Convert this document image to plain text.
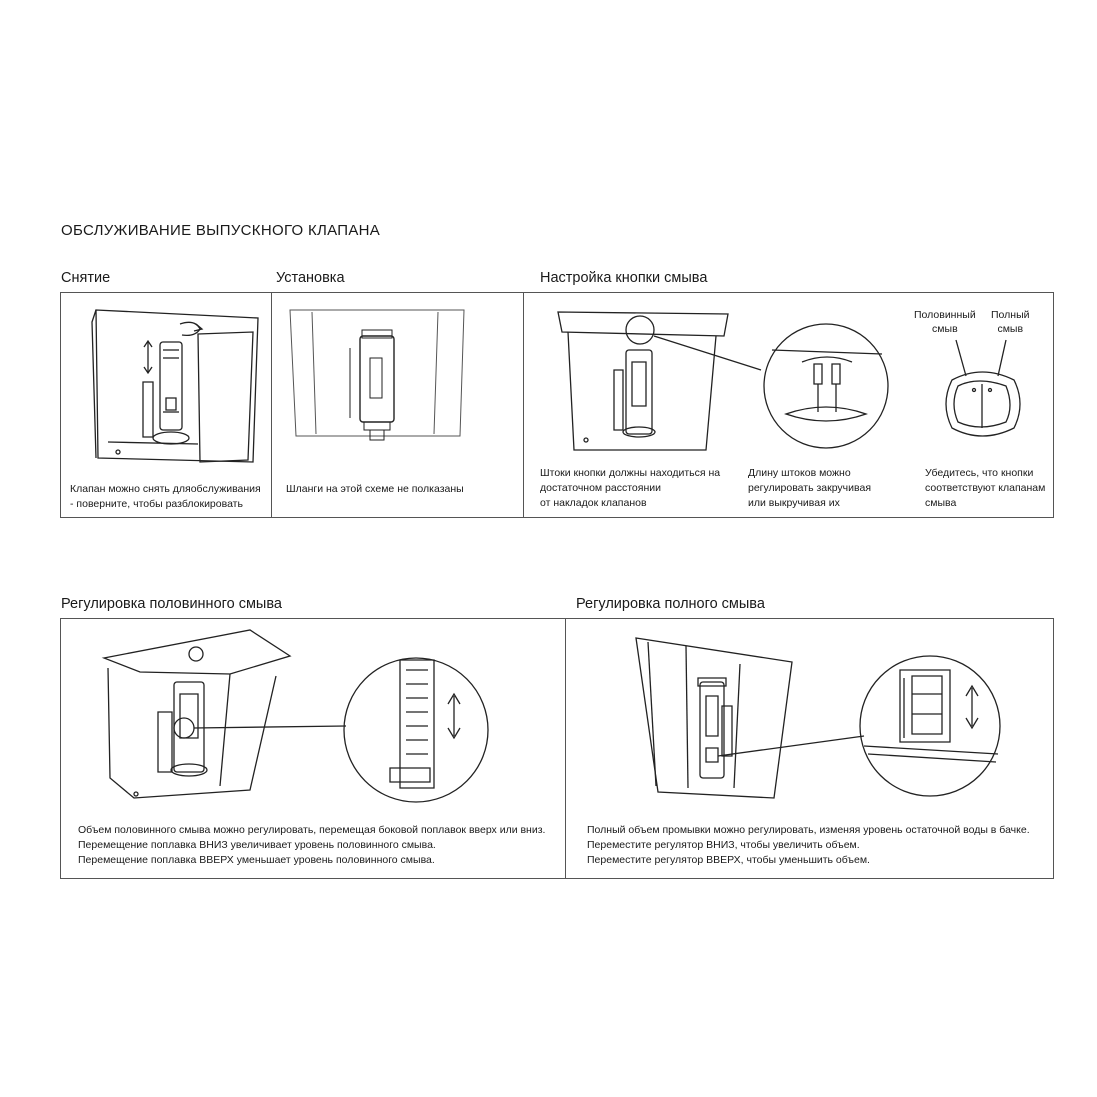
ОБСЛУЖИВАНИЕ ВЫПУСКНОГО КЛАПАНА
Снятие	Установка	Настройка кнопки смыва
Клапан можно снять дляобслуживания
- поверните, чтобы разблокировать
Шланги на этой схеме не полказаны
Половинный
смыв
Полный
смыв
Штоки кнопки должны находиться на
достаточном расстоянии
от накладок клапанов
Длину штоков можно
регулировать закручивая
или выкручивая их
Убедитесь, что кнопки
соответствуют клапанам
смыва
Регулировка половинного смыва	Регулировка полного смыва
Объем половинного смыва можно регулировать, перемещая боковой поплавок вверх или вниз.
Перемещение поплавка ВНИЗ увеличивает уровень половинного смыва.
Перемещение поплавка ВВЕРХ уменьшает уровень половинного смыва.
Полный объем промывки можно регулировать, изменяя уровень остаточной воды в бачке.
Переместите регулятор ВНИЗ, чтобы увеличить объем.
Переместите регулятор ВВЕРХ, чтобы уменьшить объем.
